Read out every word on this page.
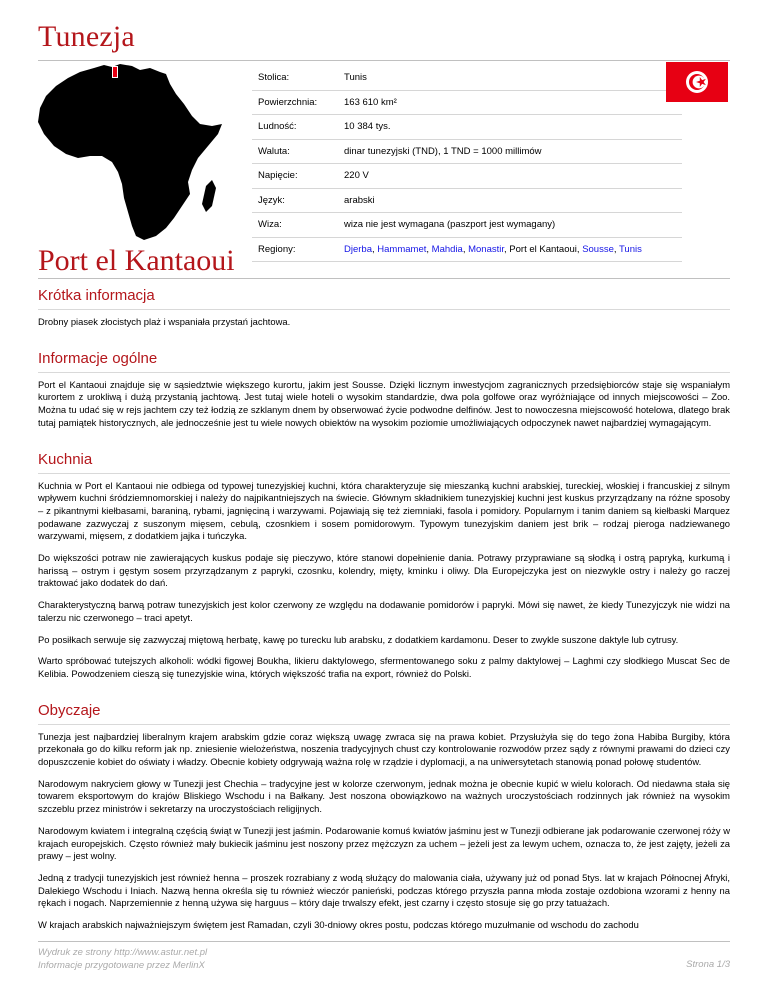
Tunezja
Stolica:	Tunis
Powierzchnia:	163 610 km²
Ludność:	10 384 tys.
Waluta:	dinar tunezyjski (TND), 1 TND = 1000 millimów
Napięcie:	220 V
Język:	arabski
Wiza:	wiza nie jest wymagana (paszport jest wymagany)
Regiony:	Djerba, Hammamet, Mahdia, Monastir, Port el Kantaoui, Sousse, Tunis
Port el Kantaoui
Krótka informacja

Drobny piasek złocistych plaż i wspaniała przystań jachtowa.

Informacje ogólne

Port el Kantaoui znajduje się w sąsiedztwie większego kurortu, jakim jest Sousse. Dzięki licznym inwestycjom zagranicznych przedsiębiorców staje się wspaniałym kurortem z urokliwą i dużą przystanią jachtową. Jest tutaj wiele hoteli o wysokim standardzie, dwa pola golfowe oraz wyróżniające od innych miejscowości – Zoo. Można tu udać się w rejs jachtem czy też łodzią ze szklanym dnem by obserwować życie podwodne delfinów. Jest to nowoczesna miejscowość hotelowa, dlatego brak tutaj pamiątek historycznych, ale jednocześnie jest tu wiele nowych obiektów na wysokim poziomie umożliwiających odpoczynek nawet najbardziej wymagającym.

Kuchnia

Kuchnia w Port el Kantaoui nie odbiega od typowej tunezyjskiej kuchni, która charakteryzuje się mieszanką kuchni arabskiej, tureckiej, włoskiej i francuskiej z silnym wpływem kuchni śródziemnomorskiej i należy do najpikantniejszych na świecie. Głównym składnikiem tunezyjskiej kuchni jest kuskus przyrządzany na różne sposoby – z pikantnymi kiełbasami, baraniną, rybami, jagnięciną i warzywami. Pojawiają się też ziemniaki, fasola i pomidory. Popularnym i tanim daniem są kiełbaski Marquez podawane zazwyczaj z suszonym mięsem, cebulą, czosnkiem i sosem pomidorowym. Typowym tunezyjskim daniem jest brik – rodzaj pieroga nadziewanego warzywami, mięsem, z dodatkiem jajka i tuńczyka.

Do większości potraw nie zawierających kuskus podaje się pieczywo, które stanowi dopełnienie dania. Potrawy przyprawiane są słodką i ostrą papryką, kurkumą i harissą – ostrym i gęstym sosem przyrządzanym z papryki, czosnku, kolendry, mięty, kminku i oliwy. Dla Europejczyka jest on niezwykle ostry i należy go raczej traktować jako dodatek do dań.

Charakterystyczną barwą potraw tunezyjskich jest kolor czerwony ze względu na dodawanie pomidorów i papryki. Mówi się nawet, że kiedy Tunezyjczyk nie widzi na talerzu nic czerwonego – traci apetyt.

Po posiłkach serwuje się zazwyczaj miętową herbatę, kawę po turecku lub arabsku, z dodatkiem kardamonu. Deser to zwykle suszone daktyle lub cytrusy.

Warto spróbować tutejszych alkoholi: wódki figowej Boukha, likieru daktylowego, sfermentowanego soku z palmy daktylowej – Laghmi czy słodkiego Muscat Sec de Kelibia. Powodzeniem cieszą się tunezyjskie wina, których większość trafia na export, również do Polski.

Obyczaje

Tunezja jest najbardziej liberalnym krajem arabskim gdzie coraz większą uwagę zwraca się na prawa kobiet. Przysłużyła się do tego żona Habiba Burgiby, która przekonała go do kilku reform jak np. zniesienie wielożeństwa, noszenia tradycyjnych chust czy kontrolowanie rozwodów przez sądy z równymi prawami do dzieci czy dopuszczenie kobiet do oświaty i władzy. Obecnie kobiety odgrywają ważna rolę w rządzie i dyplomacji, a na uniwersytetach stanowią ponad połowę studentów.

Narodowym nakryciem głowy w Tunezji jest Chechia – tradycyjne jest w kolorze czerwonym, jednak można je obecnie kupić w wielu kolorach. Od niedawna stała się towarem eksportowym do krajów Bliskiego Wschodu i na Bałkany. Jest noszona obowiązkowo na ważnych uroczystościach rodzinnych jak również na wysokim szczeblu przez ministrów i sekretarzy na uroczystościach religijnych.

Narodowym kwiatem i integralną częścią świąt w Tunezji jest jaśmin. Podarowanie komuś kwiatów jaśminu jest w Tunezji odbierane jak podarowanie czerwonej róży w krajach europejskich. Często również mały bukiecik jaśminu jest noszony przez mężczyzn za uchem – jeżeli jest za lewym uchem, oznacza to, że jest zajęty, jeżeli za prawy – jest wolny.

Jedną z tradycji tunezyjskich jest również henna – proszek rozrabiany z wodą służący do malowania ciała, używany już od ponad 5tys. lat w krajach Północnej Afryki, Dalekiego Wschodu i Iniach. Nazwą henna określa się tu również wieczór panieński, podczas którego przyszła panna młoda zostaje ozdobiona wzorami z henny na rękach i nogach. Naprzemiennie z henną używa się harguus – który daje trwalszy efekt, jest czarny i często stosuje się go przy tatuażach.

W krajach arabskich najważniejszym świętem jest Ramadan, czyli 30-dniowy okres postu, podczas którego muzułmanie od wschodu do zachodu

Wydruk ze strony http://www.astur.net.pl
Informacje przygotowane przez MerlinX	Strona 1/3
